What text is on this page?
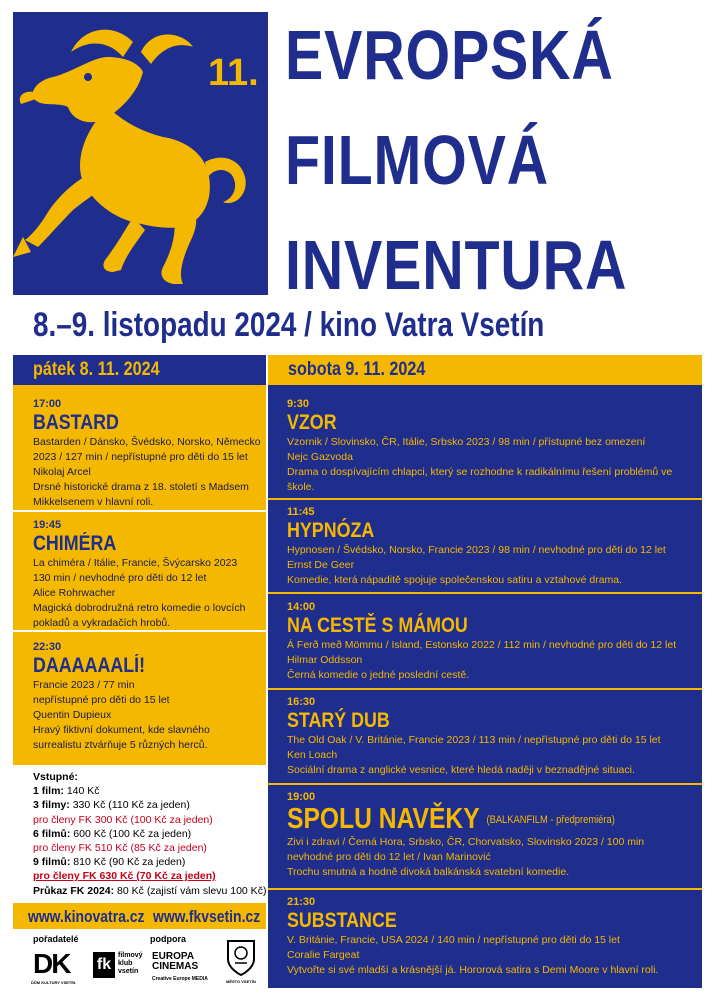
11. EVROPSKÁ
FILMOVÁ
INVENTURA
8.–9. listopadu 2024 / kino Vatra Vsetín
pátek 8. 11. 2024	sobota 9. 11. 2024
17:00
BASTARD
Bastarden / Dánsko, Švédsko, Norsko, Německo
2023 / 127 min / nepřístupné pro děti do 15 let
Nikolaj Arcel
Drsné historické drama z 18. století s Madsem
Mikkelsenem v hlavní roli.
19:45
CHIMÉRA
La chiméra / Itálie, Francie, Švýcarsko 2023
130 min / nevhodné pro děti do 12 let
Alice Rohrwacher
Magická dobrodružná retro komedie o lovcích
pokladů a vykradačích hrobů.
22:30
DAAAAAALÍ!
Francie 2023 / 77 min
nepřístupné pro děti do 15 let
Quentin Dupieux
Hravý fiktivní dokument, kde slavného
surrealistu ztvárňuje 5 různých herců.
9:30
VZOR
Vzornik / Slovinsko, ČR, Itálie, Srbsko 2023 / 98 min / přístupné bez omezení
Nejc Gazvoda
Drama o dospívajícím chlapci, který se rozhodne k radikálnímu řešení problémů ve
škole.
11:45
HYPNÓZA
Hypnosen / Švédsko, Norsko, Francie 2023 / 98 min / nevhodné pro děti do 12 let
Ernst De Geer
Komedie, která nápaditě spojuje společenskou satiru a vztahové drama.
14:00
NA CESTĚ S MÁMOU
Á Ferð með Mömmu / Island, Estonsko 2022 / 112 min / nevhodné pro děti do 12 let
Hilmar Oddsson
Černá komedie o jedné poslední cestě.
16:30
STARÝ DUB
The Old Oak / V. Británie, Francie 2023 / 113 min / nepřístupné pro děti do 15 let
Ken Loach
Sociální drama z anglické vesnice, které hledá naději v beznadějné situaci.
19:00
SPOLU NAVĚKY (BALKANFILM - předpremiéra)
Zivi i zdravi / Černá Hora, Srbsko, ČR, Chorvatsko, Slovinsko 2023 / 100 min
nevhodné pro děti do 12 let / Ivan Marinović
Trochu smutná a hodně divoká balkánská svatební komedie.
21:30
SUBSTANCE
V. Británie, Francie, USA 2024 / 140 min / nepřístupné pro děti do 15 let
Coralie Fargeat
Vytvořte si své mladší a krásnější já. Hororová satira s Demi Moore v hlavní roli.
Vstupné:
1 film: 140 Kč
3 filmy: 330 Kč (110 Kč za jeden)
pro členy FK 300 Kč (100 Kč za jeden)
6 filmů: 600 Kč (100 Kč za jeden)
pro členy FK 510 Kč (85 Kč za jeden)
9 filmů: 810 Kč (90 Kč za jeden)
pro členy FK 630 Kč (70 Kč za jeden)
Průkaz FK 2024: 80 Kč (zajistí vám slevu 100 Kč)
www.kinovatra.cz www.fkvsetin.cz
pořadatelé	podpora
DK
DŮM KULTURY VSETÍN
fk
filmový klub vsetín
EUROPA CINEMAS
Creative Europe MEDIA	MĚSTO VSETÍN
